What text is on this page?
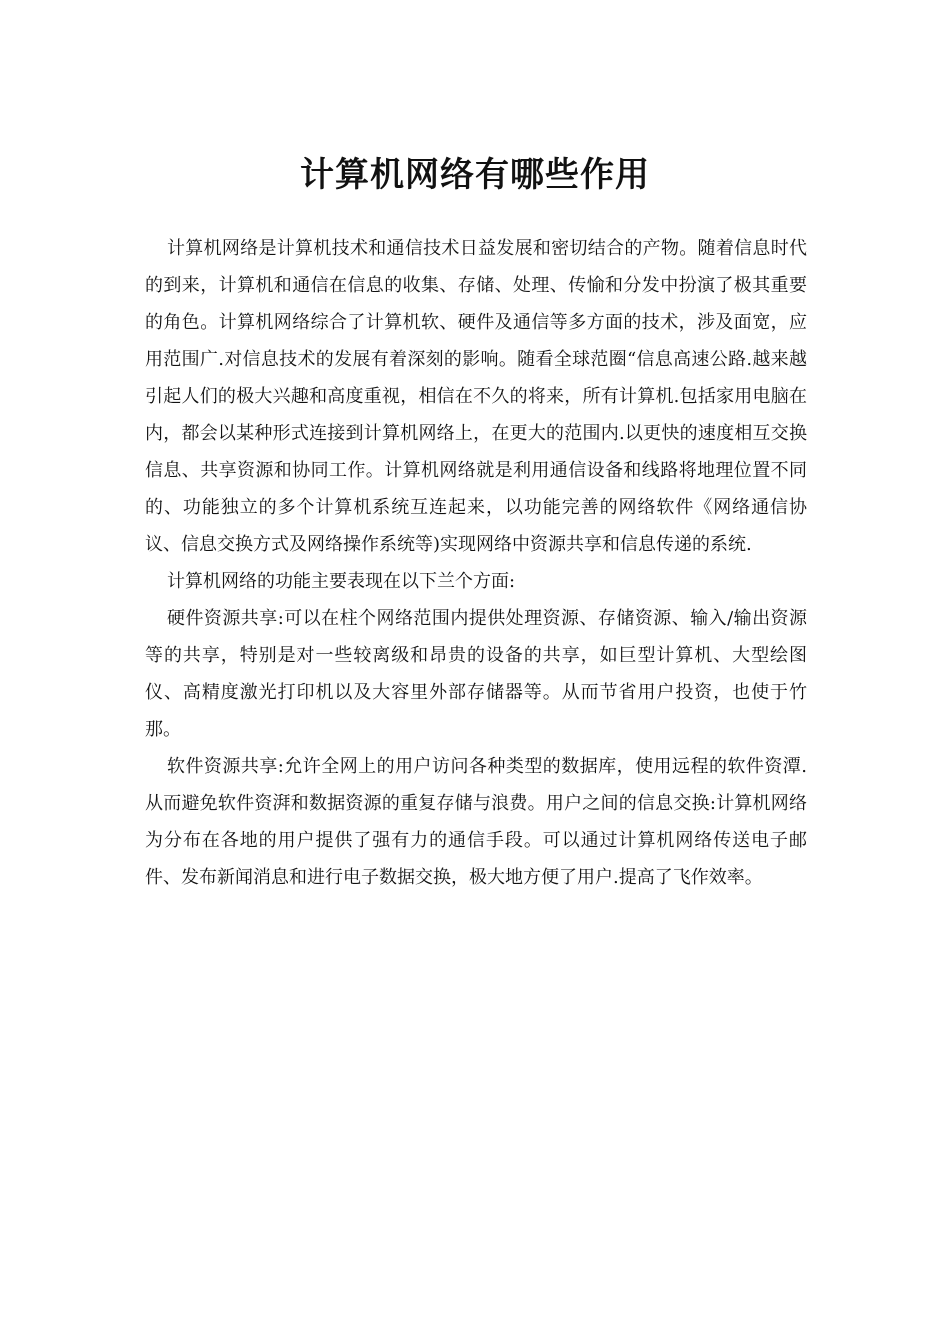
计算机网络有哪些作用

计算机网络是计算机技术和通信技术日益发展和密切结合的产物。随着信息时代的到来，计算机和通信在信息的收集、存储、处理、传愉和分发中扮演了极其重要的角色。计算机网络综合了计算机软、硬件及通信等多方面的技术，涉及面宽，应用范围广.对信息技术的发展有着深刻的影响。随看全球范圈“信息高速公路.越来越引起人们的极大兴趣和高度重视，相信在不久的将来，所有计算机.包括家用电脑在内，都会以某种形式连接到计算机网络上，在更大的范围内.以更快的速度相互交换信息、共享资源和协同工作。计算机网络就是利用通信设备和线路将地理位置不同的、功能独立的多个计算机系统互连起来，以功能完善的网络软件《网络通信协议、信息交换方式及网络操作系统等)实现网络中资源共享和信息传递的系统.

计算机网络的功能主要表现在以下兰个方面:

硬件资源共享:可以在柱个网络范围内提供处理资源、存储资源、输入/输出资源等的共享，特别是对一些较离级和昂贵的设备的共享，如巨型计算机、大型绘图仪、高精度激光打印机以及大容里外部存储器等。从而节省用户投资，也使于竹那。

软件资源共享:允许全网上的用户访问各种类型的数据库，使用远程的软件资潭.从而避免软件资湃和数据资源的重复存储与浪费。用户之间的信息交换:计算机网络为分布在各地的用户提供了强有力的通信手段。可以通过计算机网络传送电子邮件、发布新闻消息和进行电子数据交换，极大地方便了用户.提高了飞作效率。
